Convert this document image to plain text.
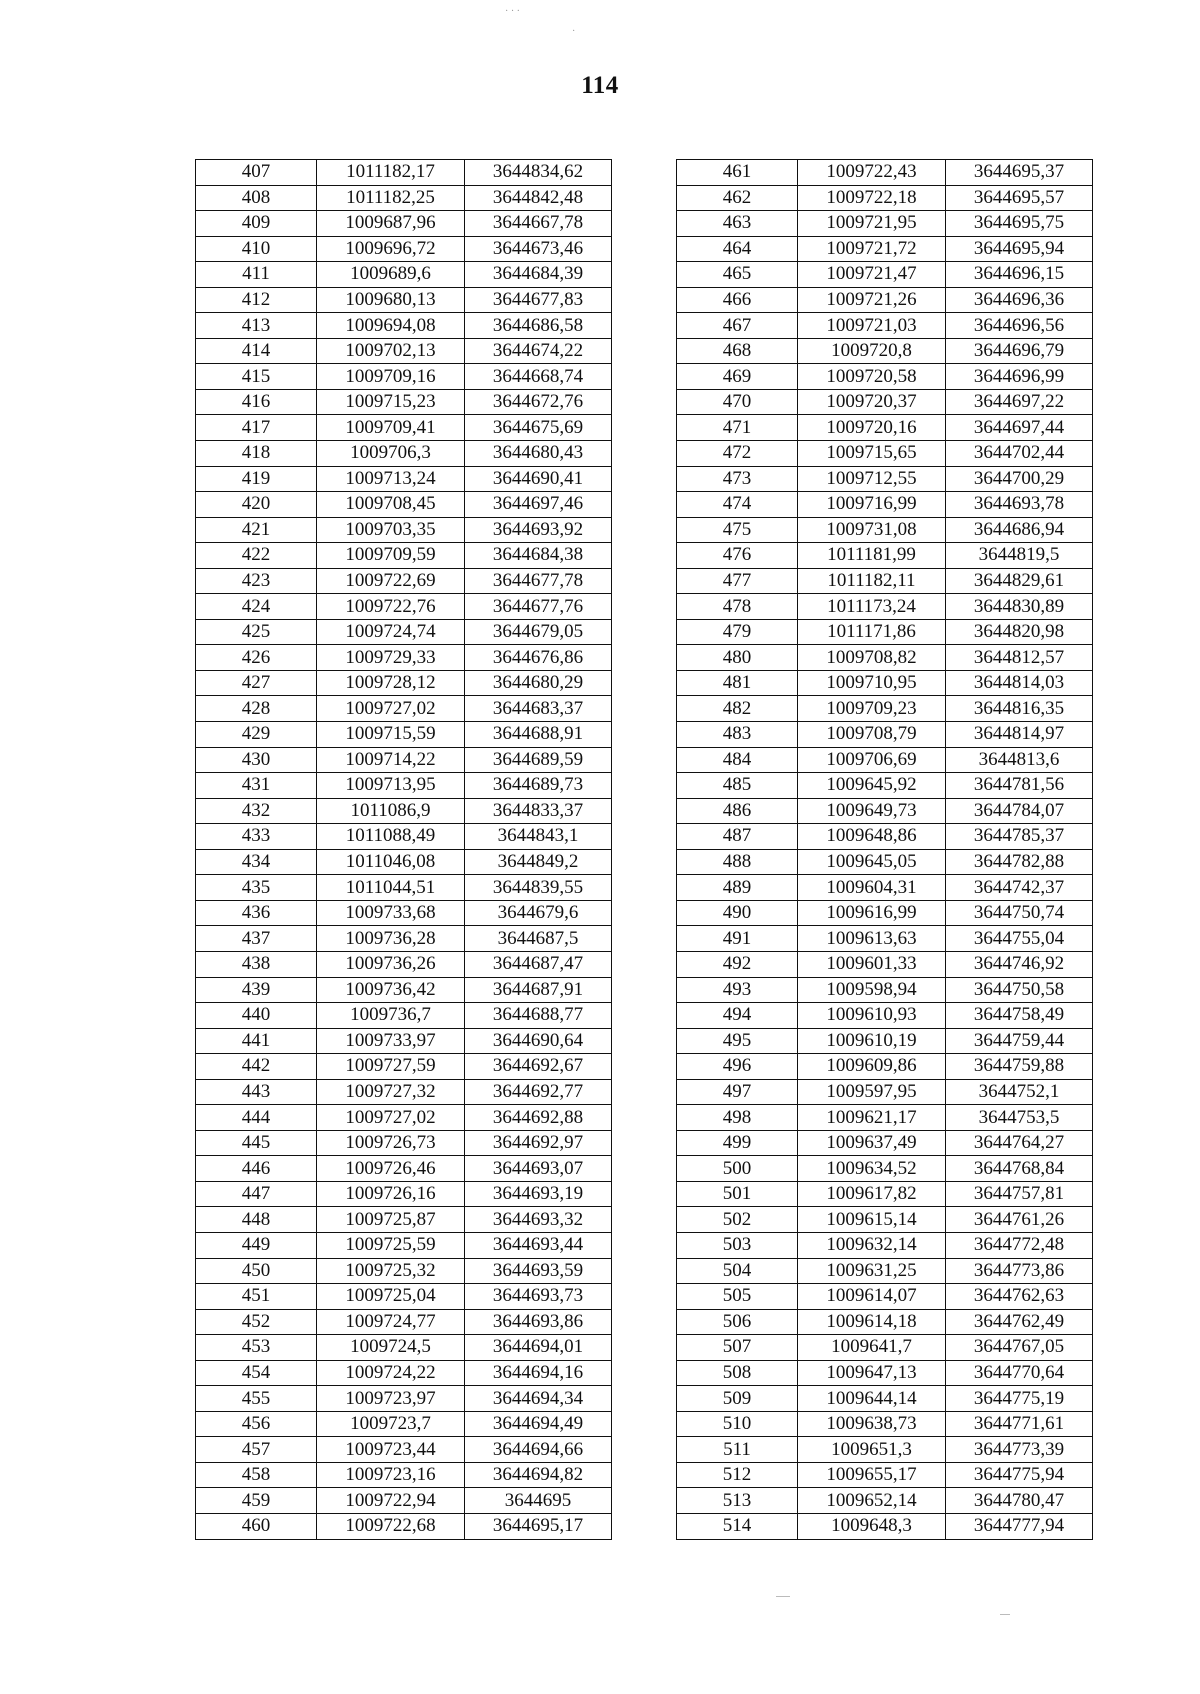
114
· · ·
·
407	1011182,17	3644834,62
408	1011182,25	3644842,48
409	1009687,96	3644667,78
410	1009696,72	3644673,46
411	1009689,6	3644684,39
412	1009680,13	3644677,83
413	1009694,08	3644686,58
414	1009702,13	3644674,22
415	1009709,16	3644668,74
416	1009715,23	3644672,76
417	1009709,41	3644675,69
418	1009706,3	3644680,43
419	1009713,24	3644690,41
420	1009708,45	3644697,46
421	1009703,35	3644693,92
422	1009709,59	3644684,38
423	1009722,69	3644677,78
424	1009722,76	3644677,76
425	1009724,74	3644679,05
426	1009729,33	3644676,86
427	1009728,12	3644680,29
428	1009727,02	3644683,37
429	1009715,59	3644688,91
430	1009714,22	3644689,59
431	1009713,95	3644689,73
432	1011086,9	3644833,37
433	1011088,49	3644843,1
434	1011046,08	3644849,2
435	1011044,51	3644839,55
436	1009733,68	3644679,6
437	1009736,28	3644687,5
438	1009736,26	3644687,47
439	1009736,42	3644687,91
440	1009736,7	3644688,77
441	1009733,97	3644690,64
442	1009727,59	3644692,67
443	1009727,32	3644692,77
444	1009727,02	3644692,88
445	1009726,73	3644692,97
446	1009726,46	3644693,07
447	1009726,16	3644693,19
448	1009725,87	3644693,32
449	1009725,59	3644693,44
450	1009725,32	3644693,59
451	1009725,04	3644693,73
452	1009724,77	3644693,86
453	1009724,5	3644694,01
454	1009724,22	3644694,16
455	1009723,97	3644694,34
456	1009723,7	3644694,49
457	1009723,44	3644694,66
458	1009723,16	3644694,82
459	1009722,94	3644695
460	1009722,68	3644695,17
461	1009722,43	3644695,37
462	1009722,18	3644695,57
463	1009721,95	3644695,75
464	1009721,72	3644695,94
465	1009721,47	3644696,15
466	1009721,26	3644696,36
467	1009721,03	3644696,56
468	1009720,8	3644696,79
469	1009720,58	3644696,99
470	1009720,37	3644697,22
471	1009720,16	3644697,44
472	1009715,65	3644702,44
473	1009712,55	3644700,29
474	1009716,99	3644693,78
475	1009731,08	3644686,94
476	1011181,99	3644819,5
477	1011182,11	3644829,61
478	1011173,24	3644830,89
479	1011171,86	3644820,98
480	1009708,82	3644812,57
481	1009710,95	3644814,03
482	1009709,23	3644816,35
483	1009708,79	3644814,97
484	1009706,69	3644813,6
485	1009645,92	3644781,56
486	1009649,73	3644784,07
487	1009648,86	3644785,37
488	1009645,05	3644782,88
489	1009604,31	3644742,37
490	1009616,99	3644750,74
491	1009613,63	3644755,04
492	1009601,33	3644746,92
493	1009598,94	3644750,58
494	1009610,93	3644758,49
495	1009610,19	3644759,44
496	1009609,86	3644759,88
497	1009597,95	3644752,1
498	1009621,17	3644753,5
499	1009637,49	3644764,27
500	1009634,52	3644768,84
501	1009617,82	3644757,81
502	1009615,14	3644761,26
503	1009632,14	3644772,48
504	1009631,25	3644773,86
505	1009614,07	3644762,63
506	1009614,18	3644762,49
507	1009641,7	3644767,05
508	1009647,13	3644770,64
509	1009644,14	3644775,19
510	1009638,73	3644771,61
511	1009651,3	3644773,39
512	1009655,17	3644775,94
513	1009652,14	3644780,47
514	1009648,3	3644777,94
